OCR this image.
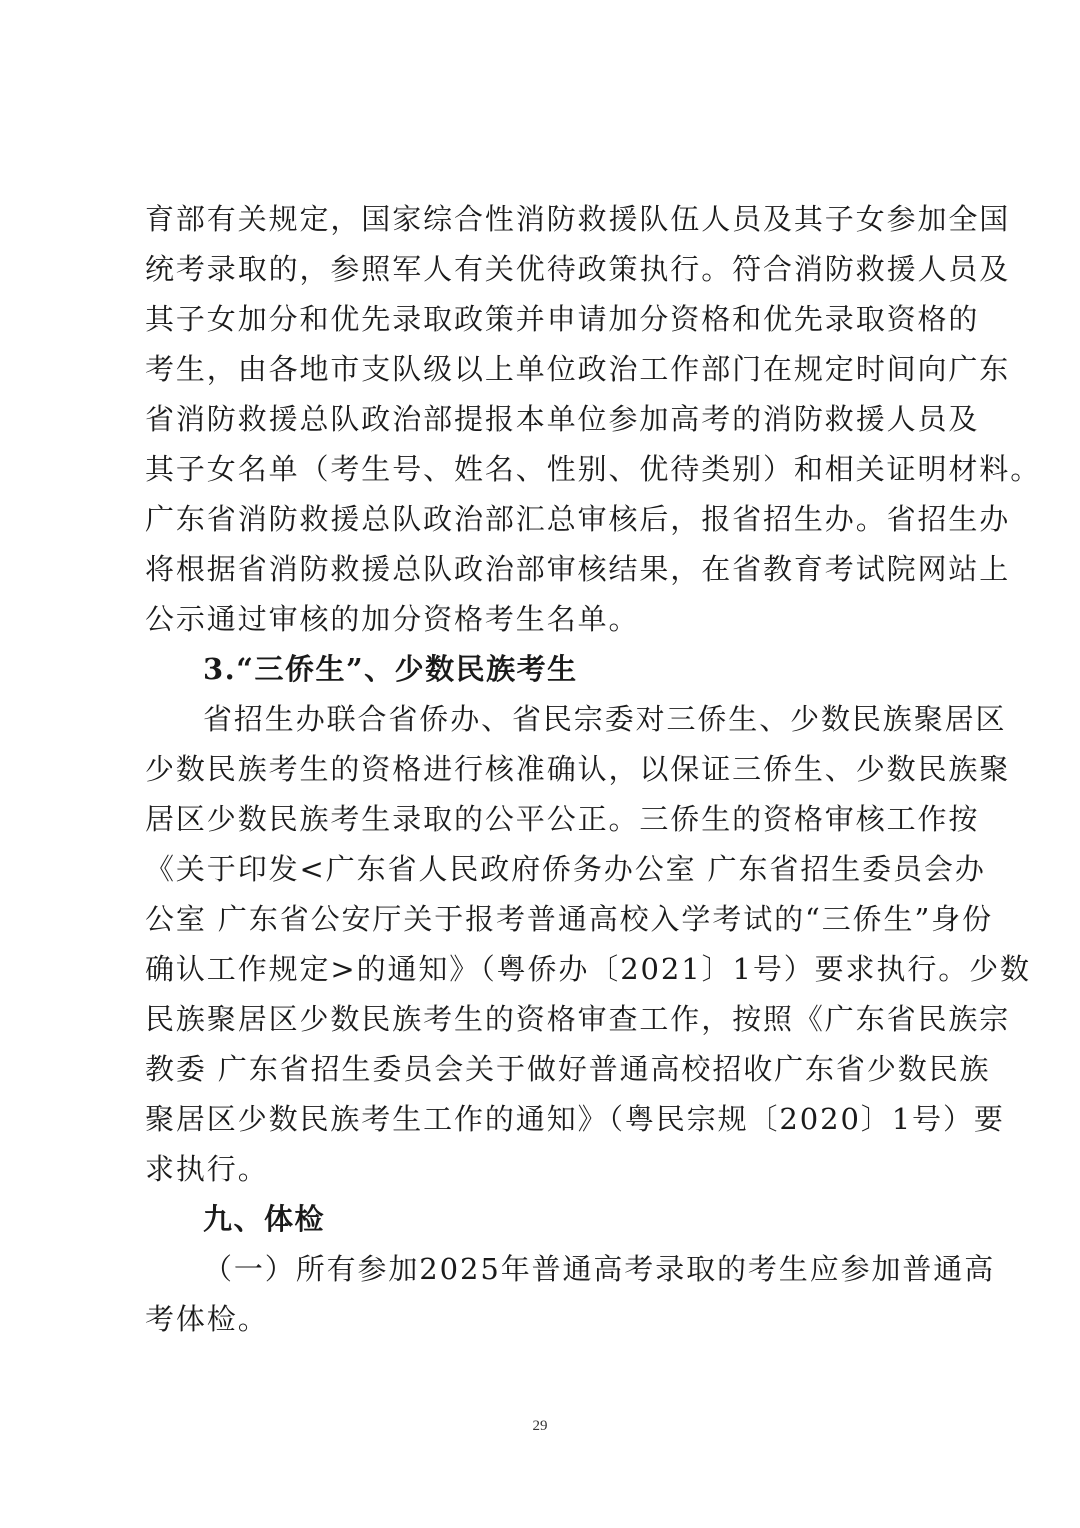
育部有关规定，国家综合性消防救援队伍人员及其子女参加全国
统考录取的，参照军人有关优待政策执行。符合消防救援人员及
其子女加分和优先录取政策并申请加分资格和优先录取资格的
考生，由各地市支队级以上单位政治工作部门在规定时间向广东
省消防救援总队政治部提报本单位参加高考的消防救援人员及
其子女名单（考生号、姓名、性别、优待类别）和相关证明材料。
广东省消防救援总队政治部汇总审核后，报省招生办。省招生办
将根据省消防救援总队政治部审核结果，在省教育考试院网站上
公示通过审核的加分资格考生名单。
3.“三侨生”、少数民族考生
省招生办联合省侨办、省民宗委对三侨生、少数民族聚居区
少数民族考生的资格进行核准确认，以保证三侨生、少数民族聚
居区少数民族考生录取的公平公正。三侨生的资格审核工作按
《关于印发<广东省人民政府侨务办公室 广东省招生委员会办
公室 广东省公安厅关于报考普通高校入学考试的“三侨生”身份
确认工作规定>的通知》（粤侨办〔2021〕1号）要求执行。少数
民族聚居区少数民族考生的资格审查工作，按照《广东省民族宗
教委 广东省招生委员会关于做好普通高校招收广东省少数民族
聚居区少数民族考生工作的通知》（粤民宗规〔2020〕1号）要
求执行。
九、体检
（一）所有参加2025年普通高考录取的考生应参加普通高
考体检。
29
